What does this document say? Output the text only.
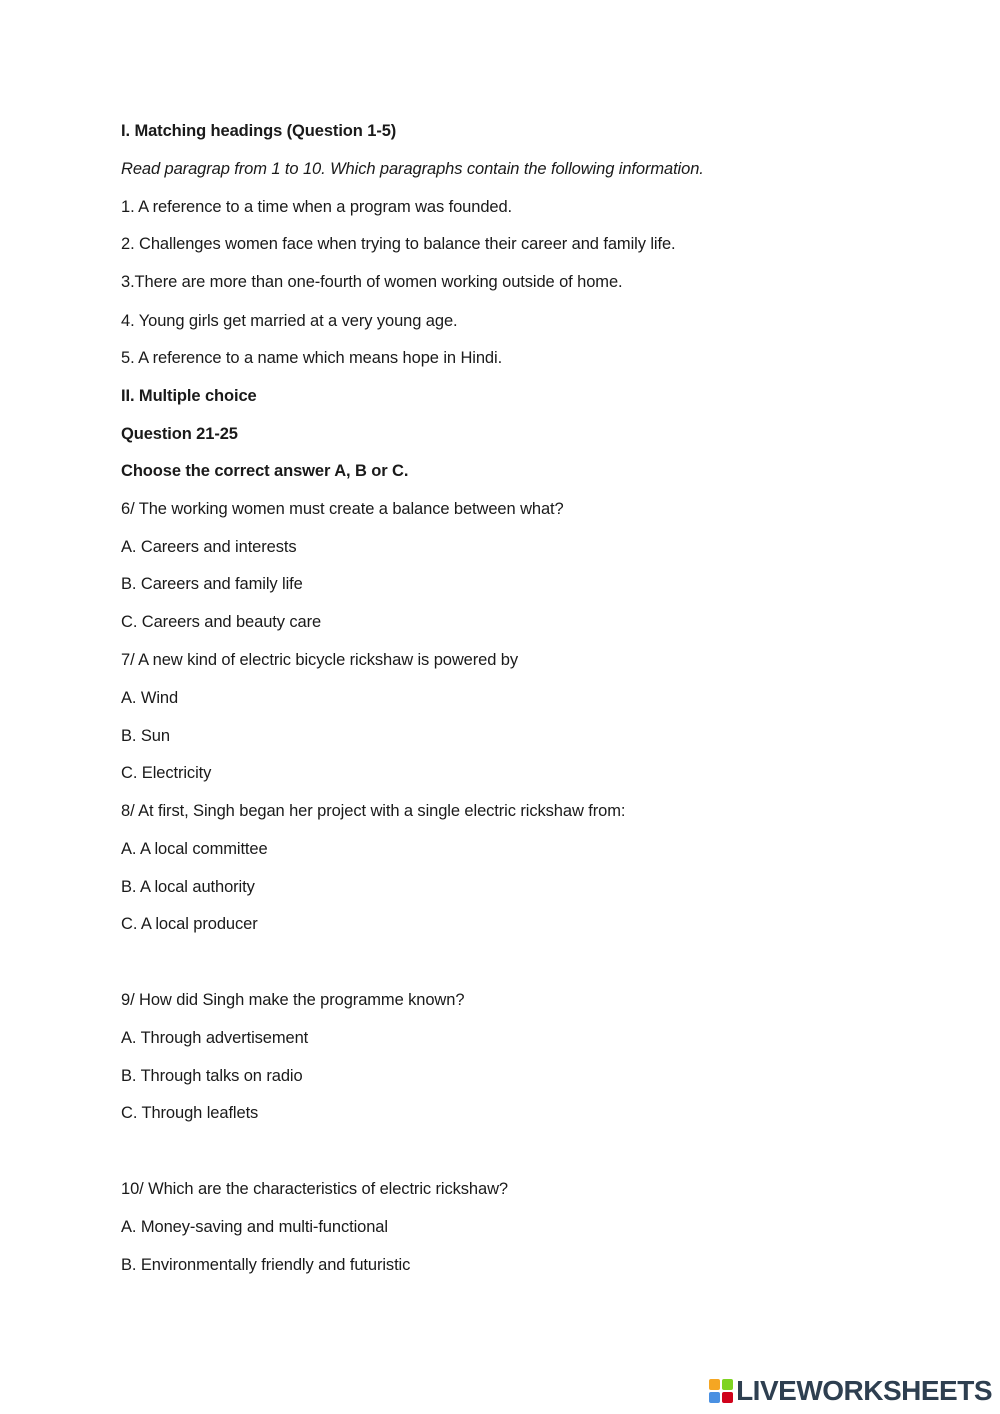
I. Matching headings (Question 1-5)
Read paragrap from 1 to 10. Which paragraphs contain the following information.
1. A reference to a time when a program was founded.
2. Challenges women face when trying to balance their career and family life.
3.There are more than one-fourth of women working outside of home.
4. Young girls get married at a very young age.
5. A reference to a name which means hope in Hindi.
II. Multiple choice
Question 21-25
Choose the correct answer A, B or C.
6/ The working women must create a balance between what?
A. Careers and interests
B. Careers and family life
C. Careers and beauty care
7/ A new kind of electric bicycle rickshaw is powered by
A. Wind
B. Sun
C. Electricity
8/ At first, Singh began her project with a single electric rickshaw from:
A. A local committee
B. A local authority
C. A local producer
9/ How did Singh make the programme known?
A. Through advertisement
B. Through talks on radio
C. Through leaflets
10/ Which are the characteristics of electric rickshaw?
A. Money-saving and multi-functional
B. Environmentally friendly and futuristic
LIVEWORKSHEETS
